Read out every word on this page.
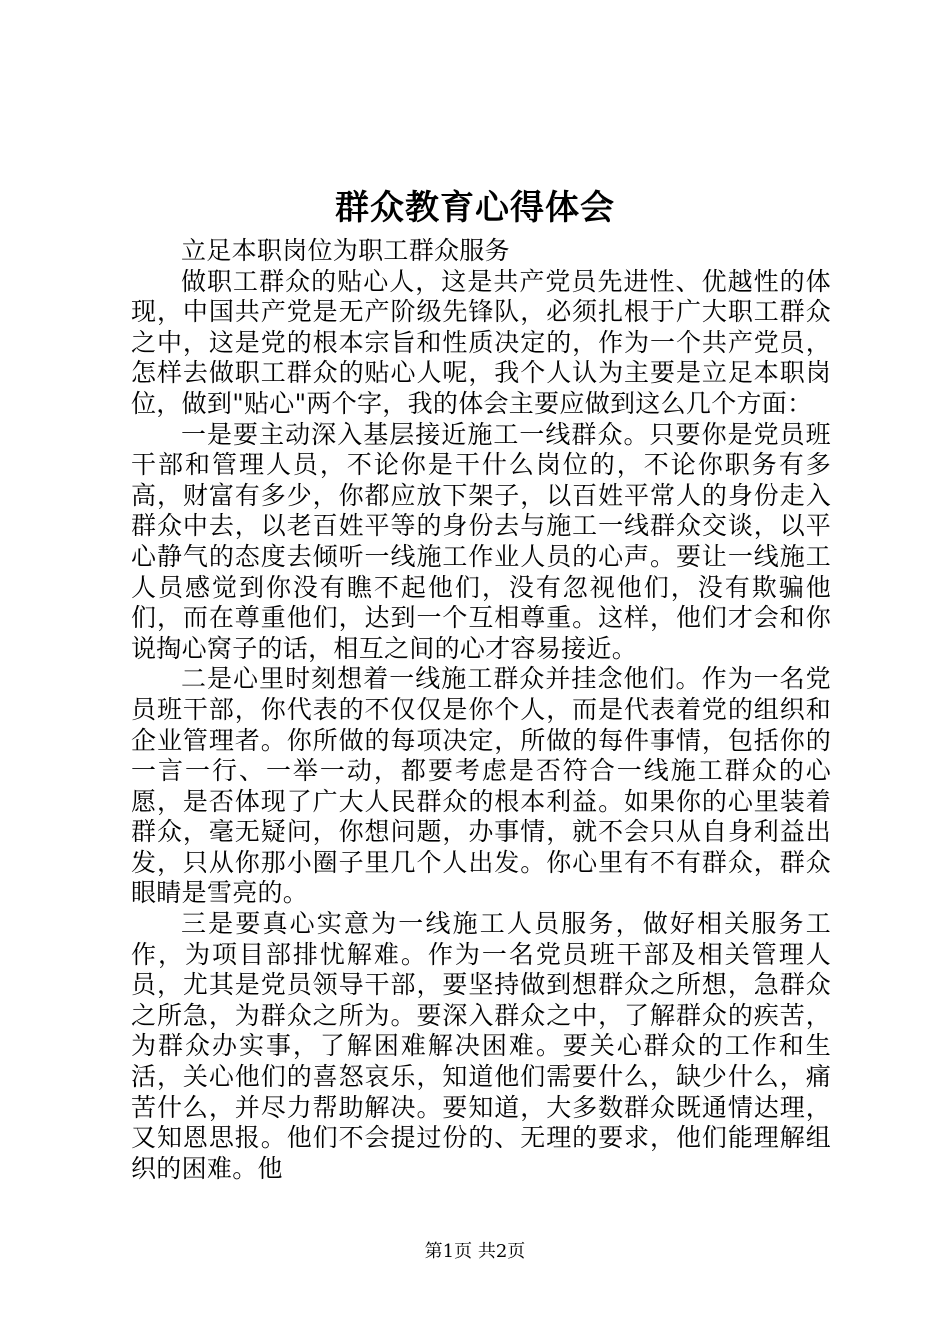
群众教育心得体会

立足本职岗位为职工群众服务

做职工群众的贴心人，这是共产党员先进性、优越性的体现，中国共产党是无产阶级先锋队，必须扎根于广大职工群众之中，这是党的根本宗旨和性质决定的，作为一个共产党员，怎样去做职工群众的贴心人呢，我个人认为主要是立足本职岗位，做到"贴心"两个字，我的体会主要应做到这么几个方面：

一是要主动深入基层接近施工一线群众。只要你是党员班干部和管理人员，不论你是干什么岗位的，不论你职务有多高，财富有多少，你都应放下架子，以百姓平常人的身份走入群众中去，以老百姓平等的身份去与施工一线群众交谈，以平心静气的态度去倾听一线施工作业人员的心声。要让一线施工人员感觉到你没有瞧不起他们，没有忽视他们，没有欺骗他们，而在尊重他们，达到一个互相尊重。这样，他们才会和你说掏心窝子的话，相互之间的心才容易接近。

二是心里时刻想着一线施工群众并挂念他们。作为一名党员班干部，你代表的不仅仅是你个人，而是代表着党的组织和企业管理者。你所做的每项决定，所做的每件事情，包括你的一言一行、一举一动，都要考虑是否符合一线施工群众的心愿，是否体现了广大人民群众的根本利益。如果你的心里装着群众，毫无疑问，你想问题，办事情，就不会只从自身利益出发，只从你那小圈子里几个人出发。你心里有不有群众，群众眼睛是雪亮的。

三是要真心实意为一线施工人员服务，做好相关服务工作，为项目部排忧解难。作为一名党员班干部及相关管理人员，尤其是党员领导干部，要坚持做到想群众之所想，急群众之所急，为群众之所为。要深入群众之中，了解群众的疾苦，为群众办实事，了解困难解决困难。要关心群众的工作和生活，关心他们的喜怒哀乐，知道他们需要什么，缺少什么，痛苦什么，并尽力帮助解决。要知道，大多数群众既通情达理，又知恩思报。他们不会提过份的、无理的要求，他们能理解组织的困难。他

第1页 共2页
